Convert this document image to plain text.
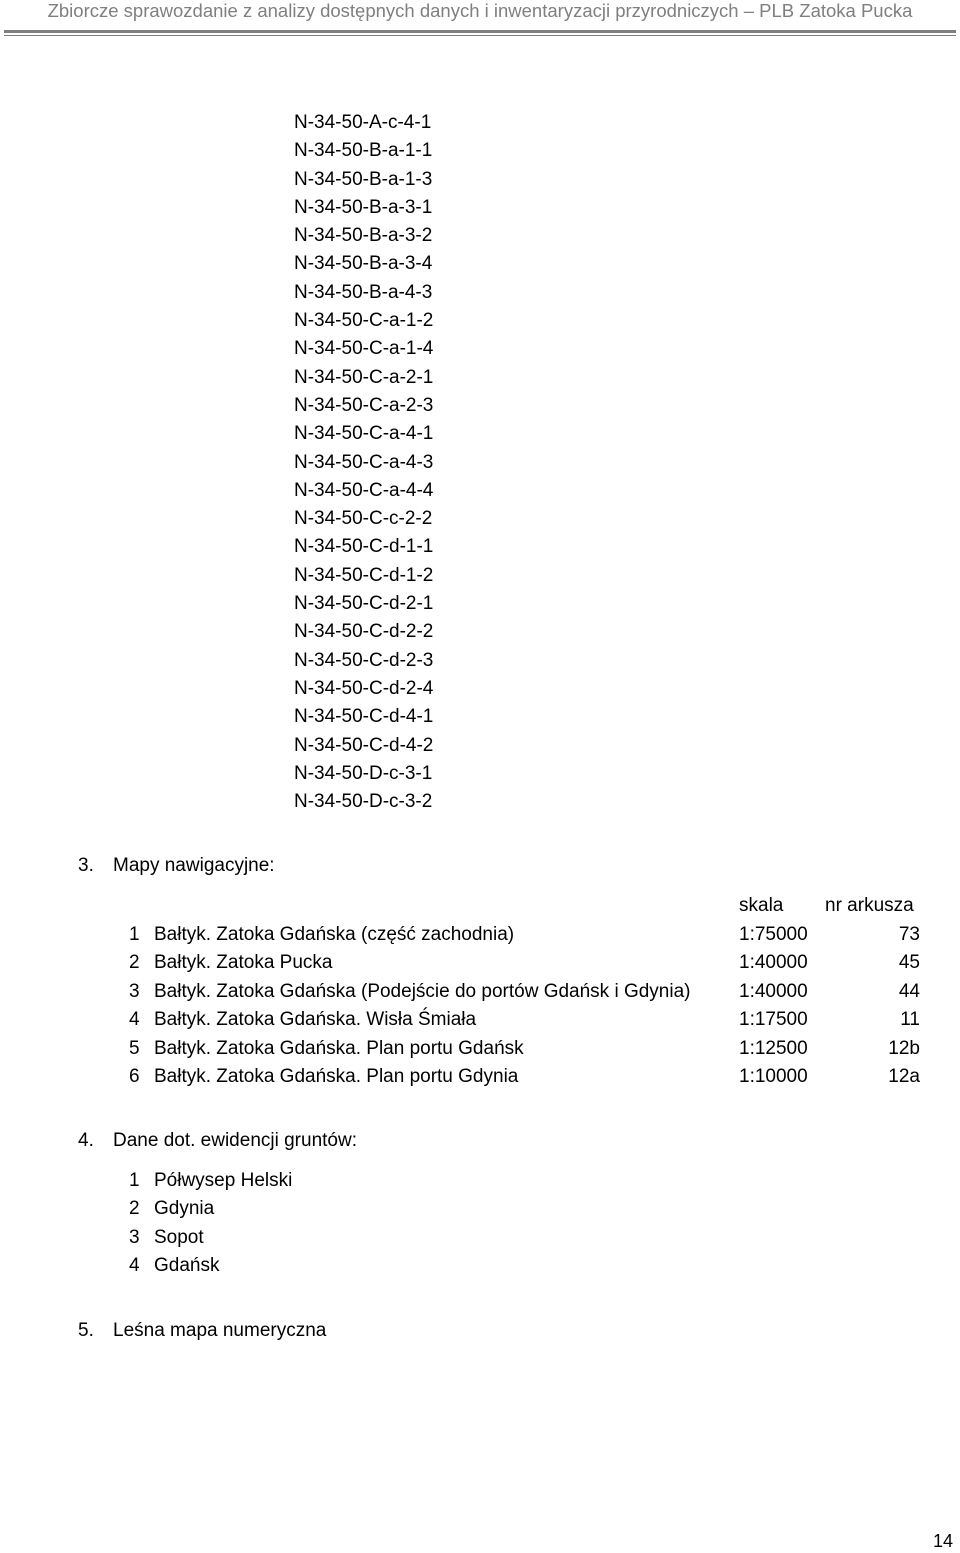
Zbiorcze sprawozdanie z analizy dostępnych danych i inwentaryzacji przyrodniczych – PLB Zatoka Pucka
N-34-50-A-c-4-1
N-34-50-B-a-1-1
N-34-50-B-a-1-3
N-34-50-B-a-3-1
N-34-50-B-a-3-2
N-34-50-B-a-3-4
N-34-50-B-a-4-3
N-34-50-C-a-1-2
N-34-50-C-a-1-4
N-34-50-C-a-2-1
N-34-50-C-a-2-3
N-34-50-C-a-4-1
N-34-50-C-a-4-3
N-34-50-C-a-4-4
N-34-50-C-c-2-2
N-34-50-C-d-1-1
N-34-50-C-d-1-2
N-34-50-C-d-2-1
N-34-50-C-d-2-2
N-34-50-C-d-2-3
N-34-50-C-d-2-4
N-34-50-C-d-4-1
N-34-50-C-d-4-2
N-34-50-D-c-3-1
N-34-50-D-c-3-2
3. Mapy nawigacyjne:
skala nr arkusza
1 Bałtyk. Zatoka Gdańska (część zachodnia)	1:75000	73
2 Bałtyk. Zatoka Pucka	1:40000	45
3 Bałtyk. Zatoka Gdańska (Podejście do portów Gdańsk i Gdynia)	1:40000	44
4 Bałtyk. Zatoka Gdańska. Wisła Śmiała	1:17500	11
5 Bałtyk. Zatoka Gdańska. Plan portu Gdańsk	1:12500	12b
6 Bałtyk. Zatoka Gdańska. Plan portu Gdynia	1:10000	12a
4. Dane dot. ewidencji gruntów:
1 Półwysep Helski
2 Gdynia
3 Sopot
4 Gdańsk
5. Leśna mapa numeryczna
14
